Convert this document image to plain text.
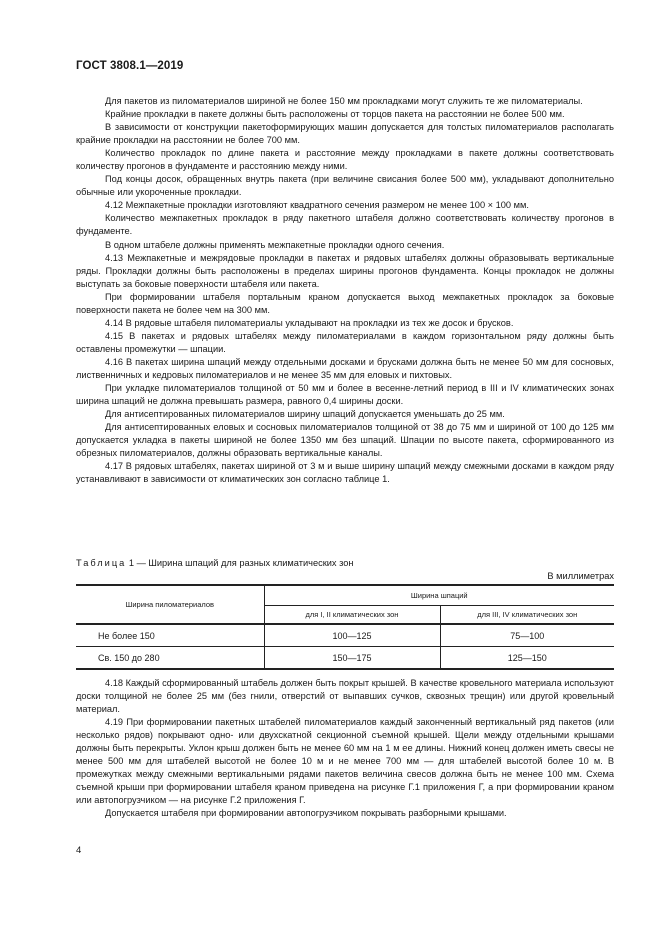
ГОСТ 3808.1—2019

Для пакетов из пиломатериалов шириной не более 150 мм прокладками могут служить те же пиломатериалы.

Крайние прокладки в пакете должны быть расположены от торцов пакета на расстоянии не более 500 мм.

В зависимости от конструкции пакетоформирующих машин допускается для толстых пиломатериалов располагать крайние прокладки на расстоянии не более 700 мм.

Количество прокладок по длине пакета и расстояние между прокладками в пакете должны соответствовать количеству прогонов в фундаменте и расстоянию между ними.

Под концы досок, обращенных внутрь пакета (при величине свисания более 500 мм), укладывают дополнительно обычные или укороченные прокладки.

4.12 Межпакетные прокладки изготовляют квадратного сечения размером не менее 100 × 100 мм.

Количество межпакетных прокладок в ряду пакетного штабеля должно соответствовать количеству прогонов в фундаменте.

В одном штабеле должны применять межпакетные прокладки одного сечения.

4.13 Межпакетные и межрядовые прокладки в пакетах и рядовых штабелях должны образовывать вертикальные ряды. Прокладки должны быть расположены в пределах ширины прогонов фундамента. Концы прокладок не должны выступать за боковые поверхности штабеля или пакета.

При формировании штабеля портальным краном допускается выход межпакетных прокладок за боковые поверхности пакета не более чем на 300 мм.

4.14 В рядовые штабеля пиломатериалы укладывают на прокладки из тех же досок и брусков.

4.15 В пакетах и рядовых штабелях между пиломатериалами в каждом горизонтальном ряду должны быть оставлены промежутки — шпации.

4.16 В пакетах ширина шпаций между отдельными досками и брусками должна быть не менее 50 мм для сосновых, лиственничных и кедровых пиломатериалов и не менее 35 мм для еловых и пихтовых.

При укладке пиломатериалов толщиной от 50 мм и более в весенне-летний период в III и IV климатических зонах ширина шпаций не должна превышать размера, равного 0,4 ширины доски.

Для антисептированных пиломатериалов ширину шпаций допускается уменьшать до 25 мм.

Для антисептированных еловых и сосновых пиломатериалов толщиной от 38 до 75 мм и шириной от 100 до 125 мм допускается укладка в пакеты шириной не более 1350 мм без шпаций. Шпации по высоте пакета, сформированного из обрезных пиломатериалов, должны образовать вертикальные каналы.

4.17 В рядовых штабелях, пакетах шириной от 3 м и выше ширину шпаций между смежными досками в каждом ряду устанавливают в зависимости от климатических зон согласно таблице 1.

Таблица 1 — Ширина шпаций для разных климатических зон
В миллиметрах
Ширина пиломатериалов	Ширина шпаций	
	для I, II климатических зон	для III, IV климатических зон
Не более 150	100—125	75—100
Св. 150 до 280	150—175	125—150

4.18 Каждый сформированный штабель должен быть покрыт крышей. В качестве кровельного материала используют доски толщиной не более 25 мм (без гнили, отверстий от выпавших сучков, сквозных трещин) или другой кровельный материал.

4.19 При формировании пакетных штабелей пиломатериалов каждый законченный вертикальный ряд пакетов (или несколько рядов) покрывают одно- или двухскатной секционной съемной крышей. Щели между отдельными крышами должны быть перекрыты. Уклон крыш должен быть не менее 60 мм на 1 м ее длины. Нижний конец должен иметь свесы не менее 500 мм для штабелей высотой не более 10 м и не менее 700 мм — для штабелей высотой более 10 м. В промежутках между смежными вертикальными рядами пакетов величина свесов должна быть не менее 100 мм. Схема съемной крыши при формировании штабеля краном приведена на рисунке Г.1 приложения Г, а при формировании краном или автопогрузчиком — на рисунке Г.2 приложения Г.

Допускается штабеля при формировании автопогрузчиком покрывать разборными крышами.

4
